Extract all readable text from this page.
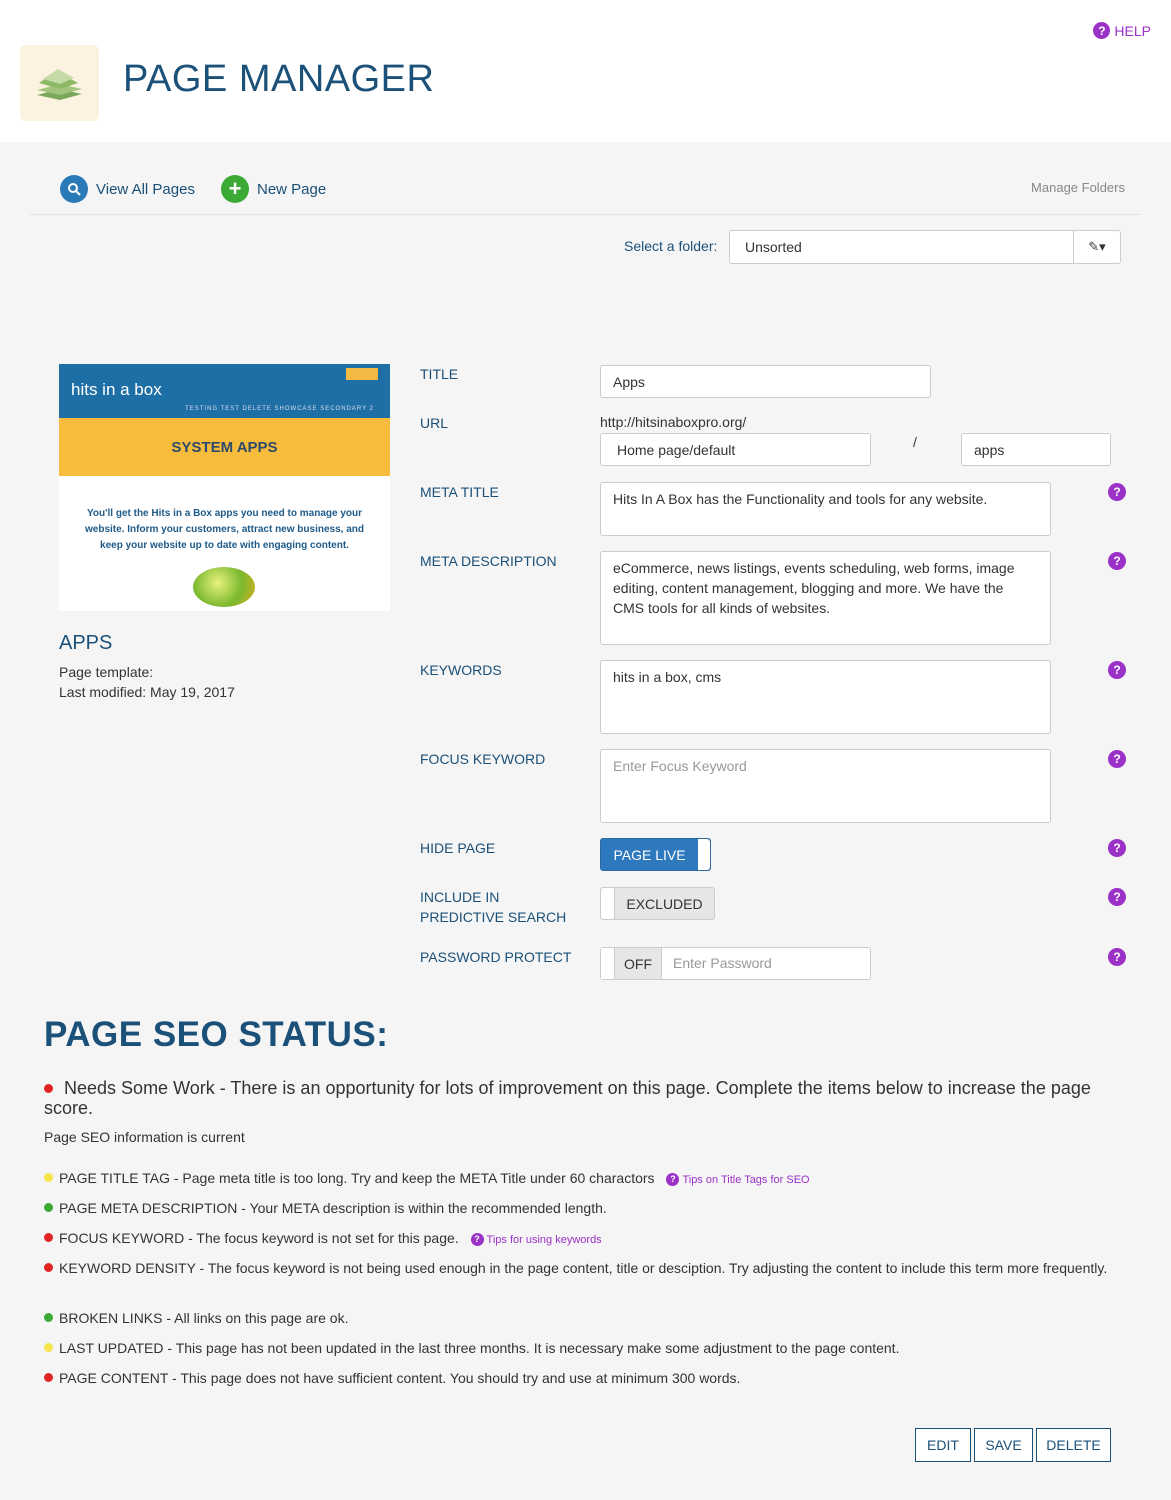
PAGE MANAGER
? HELP
View All Pages	+	New Page	Manage Folders
Select a folder:	Unsorted	✎▾
hits in a box
TESTING TEST DELETE SHOWCASE SECONDARY 2
SYSTEM APPS
You'll get the Hits in a Box apps you need to manage your website. Inform your customers, attract new business, and keep your website up to date with engaging content.
APPS
Page template:
Last modified: May 19, 2017
TITLE	Apps
URL	http://hitsinaboxpro.org/
Home page/default	/	apps
META TITLE	Hits In A Box has the Functionality and tools for any website.	?
META DESCRIPTION	eCommerce, news listings, events scheduling, web forms, image editing, content management, blogging and more. We have the CMS tools for all kinds of websites.
?
KEYWORDS	hits in a box, cms	?
FOCUS KEYWORD	Enter Focus Keyword	?
HIDE PAGE	PAGE LIVE	?
INCLUDE IN
PREDICTIVE SEARCH
EXCLUDED	?
PASSWORD PROTECT	OFF	Enter Password	?
PAGE SEO STATUS:
Needs Some Work - There is an opportunity for lots of improvement on this page. Complete the items below to increase the page score.
Page SEO information is current
PAGE TITLE TAG - Page meta title is too long. Try and keep the META Title under 60 charactors ? Tips on Title Tags for SEO
PAGE META DESCRIPTION - Your META description is within the recommended length.
FOCUS KEYWORD - The focus keyword is not set for this page. ? Tips for using keywords
KEYWORD DENSITY - The focus keyword is not being used enough in the page content, title or desciption. Try adjusting the content to include this term more frequently.
BROKEN LINKS - All links on this page are ok.
LAST UPDATED - This page has not been updated in the last three months. It is necessary make some adjustment to the page content.
PAGE CONTENT - This page does not have sufficient content. You should try and use at minimum 300 words.
EDIT	SAVE	DELETE
